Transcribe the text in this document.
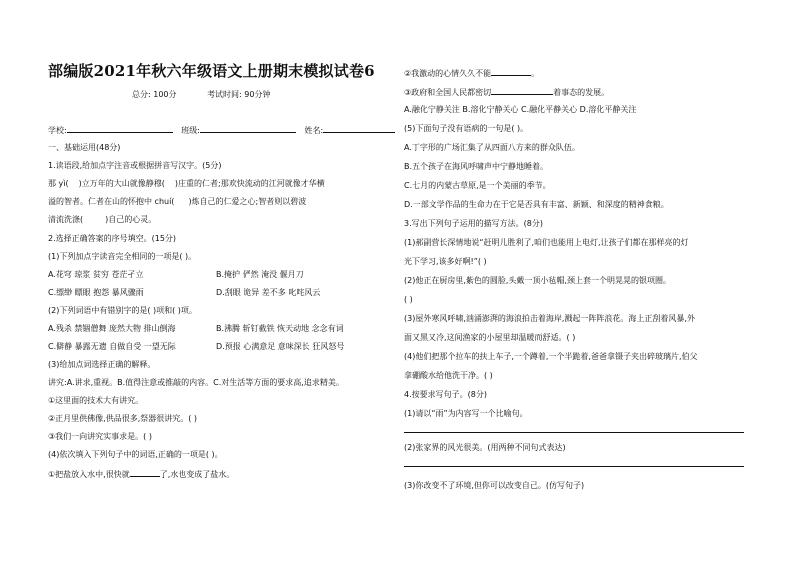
部编版2021年秋六年级语文上册期末模拟试卷6
总分: 100分	考试时间: 90分钟
学校:	班级:	姓名:
一、基础运用(48分)
1.读语段,给加点字注音或根据拼音写汉字。(5分)
那 yì( )立万年的大山就像静穆( )庄重的仁者;那欢快流动的江河就像才华横
溢的智者。仁者在山的怀抱中 chuí( )炼自己的仁爱之心;智者则以碧波
清流洗涤(	)自己的心灵。
2.选择正确答案的序号填空。(15分)
(1)下列加点字读音完全相同的一项是( )。
A.花穹 琼浆 贫穷 苍茫孑立	B.掩护 俨然 淹没 偃月刀
C.缥缈 瞟眼 抱怨 暴风骤雨	D.刮眼 诡异 差不多 叱咤风云
(2)下列词语中有错别字的是( )项和( )项。
A.残杀 禁锢僧舞 庞然大物 排山倒海	B.沸腾 斩钉截铁 恢天动地 念念有词
C.僻静 暴露无遗 自做自受 一望无际	D.预报 心满意足 意味深长 狂风怒号
(3)给加点词选择正确的解释。
讲究:A.讲求,重视。B.值得注意或推敲的内容。C.对生活等方面的要求高,追求精美。
①这里面的技术大有讲究。
②正月里供佛像,供品很多,祭器很讲究。( )
③我们一向讲究实事求是。( )
(4)依次填入下列句子中的词语,正确的一项是( )。
①把盐放入水中,很快就	了,水也变成了盐水。
②我激动的心情久久不能	。
③政府和全国人民都密切	着事态的发展。
A.融化宁静关注 B.溶化宁静关心 C.融化平静关心 D.溶化平静关注
(5)下面句子没有语病的一句是( )。
A.丁字形的广场汇集了从四面八方来的群众队伍。
B.五个孩子在海风呼啸声中宁静地睡着。
C.七月的内蒙古草原,是一个美丽的季节。
D.一部文学作品的生命力在于它是否具有丰富、新颖、和深度的精神食粮。
3.写出下列句子运用的描写方法。(8分)
(1)郝副营长深情地说“赶明儿胜利了,咱们也能用上电灯,让孩子们都在那样亮的灯
光下学习,该多好啊!”( )
(2)他正在厨房里,紫色的圆脸,头戴一顶小毡帽,颈上套一个明晃晃的银项圈。
( )
(3)屋外寒风呼啸,汹涌澎湃的海浪拍击着海岸,溅起一阵阵浪花。海上正刮着风暴,外
面又黑又冷,这间渔家的小屋里却温暖而舒适。( )
(4)他们把那个拉车的扶上车子,一个蹲着,一个半跪着,爸爸拿镊子夹出碎玻璃片,伯父
拿硼酸水给他洗干净。( )
4.按要求写句子。(8分)
(1)请以“雨”为内容写一个比喻句。
(2)张家界的风光很美。(用两种不同句式表达)
(3)你改变不了环境,但你可以改变自己。(仿写句子)
